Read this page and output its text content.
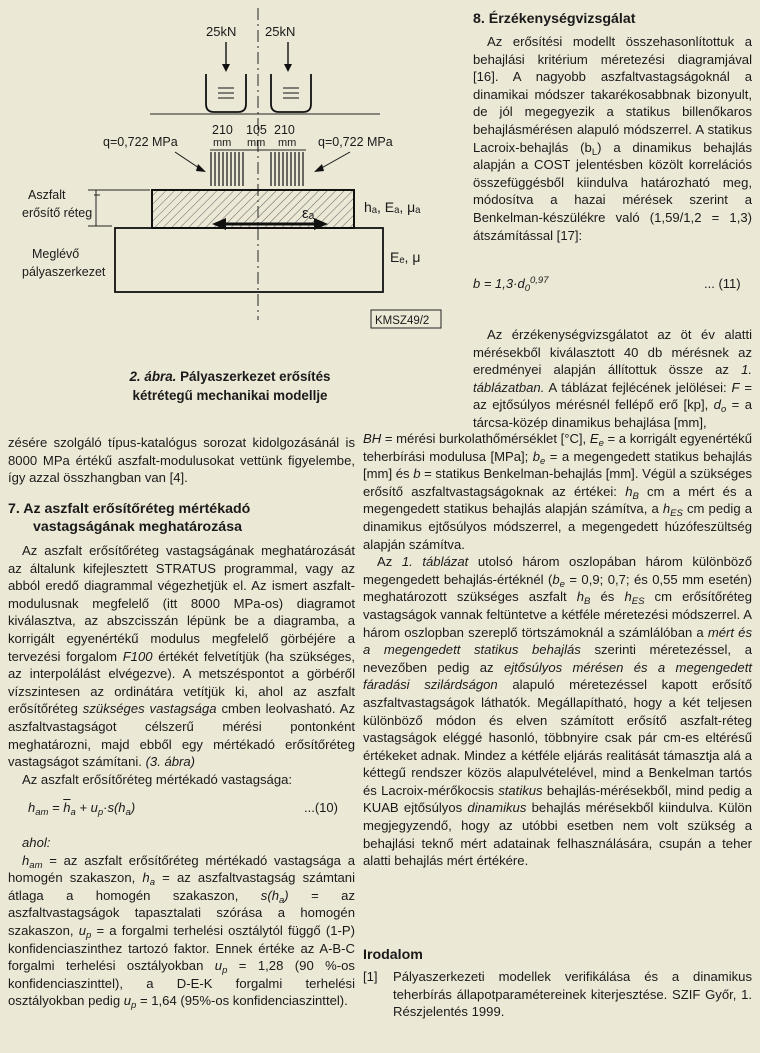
25kN 25kN
210 105 210
mm mm mm
q=0,722 MPa	q=0,722 MPa
εₐ
Aszfalt
erősítő réteg
Meglévő
pályaszerkezet
hₐ, Eₐ, μₐ
Eₑ, μ
KMSZ49/2
2. ábra. Pályaszerkezet erősítés
kétrétegű mechanikai modellje

zésére szolgáló típus-katalógus sorozat kidolgozásánál is 8000 MPa értékű aszfalt-modulusokat vettünk figyelembe, így azzal összhangban van [4].

7. Az aszfalt erősítőréteg mértékadó
vastagságának meghatározása

Az aszfalt erősítőréteg vastagságának meghatározását az általunk kifejlesztett STRATUS programmal, vagy az abból eredő diagrammal végezhetjük el. Az ismert aszfalt-modulusnak megfelelő (itt 8000 MPa-os) diagramot kiválasztva, az abszcisszán lépünk be a diagramba, a korrigált egyenértékű modulus megfelelő görbéjére a tervezési forgalom F100 értékét felvetítjük (ha szükséges, az interpolálást elvégezve). A metszéspontot a görbéről vízszintesen az ordinátára vetítjük ki, ahol az aszfalt erősítőréteg szükséges vastagsága cmben leolvasható. Az aszfaltvastagságot célszerű mérési pontonként meghatározni, majd ebből egy mértékadó erősítőréteg vastagságot számítani. (3. ábra)

Az aszfalt erősítőréteg mértékadó vastagsága:

$h_{am} = \overline{h}_a + u_p\cdot s(h_a)$	...(10)

ahol:

$h_{am}$ = az aszfalt erősítőréteg mértékadó vastagsága a homogén szakaszon, $h_a$ = az aszfaltvastagság számtani átlaga a homogén szakaszon, $s(h_a)$ = az aszfaltvastagságok tapasztalati szórása a homogén szakaszon, $u_p = a$ forgalmi terhelési osztálytól függő (1-P) konfidenciaszinthez tartozó faktor. Ennek értéke az A-B-C forgalmi terhelési osztályokban $u_p = 1,28$ (90 %-os konfidenciaszinttel), a D-E-K forgalmi terhelési osztályokban pedig $u_p = 1,64$ (95%-os konfidenciaszinttel).

8. Érzékenységvizsgálat

Az erősítési modellt összehasonlítottuk a behajlási kritérium méretezési diagramjával [16]. A nagyobb aszfaltvastagságoknál a dinamikai módszer takarékosabbnak bizonyult, de jól megegyezik a statikus billenőkaros behajlásmérésen alapuló módszerrel. A statikus Lacroix-behajlás $(b_L)$ a dinamikus behajlás alapján a COST jelentésben közölt korrelációs összefüggésből kiindulva határozható meg, módosítva a hazai mérések szerint a Benkelman-készülékre való (1,59/1,2 = 1,3) átszámítással [17]:

$b = 1,3\cdot d_0^{0,97}$	... (11)

Az érzékenységvizsgálatot az öt év alatti mérésekből kiválasztott 40 db mérésnek az eredményei alapján állítottuk össze az 1. táblázatban. A táblázat fejlécének jelölései: F = az ejtősúlyos mérésnél fellépő erő [kp], $d_o = a$ tárcsa-közép dinamikus behajlása [mm],

BH = mérési burkolathőmérséklet [°C], $E_e = a$ korrigált egyenértékű teherbírási modulusa [MPa]; $b_e = a$ megengedett statikus behajlás [mm] és b = statikus Benkelman-behajlás [mm]. Végül a szükséges erősítő aszfaltvastagságoknak az értékei: $h_B$ cm a mért és a megengedett statikus behajlás alapján számítva, a $h_{ES}$ cm pedig a dinamikus ejtősúlyos módszerrel, a megengedett húzófeszültség alapján számítva.

Az 1. táblázat utolsó három oszlopában három különböző megengedett behajlás-értéknél ($b_e = 0,9$; 0,7; és 0,55 mm esetén) meghatározott szükséges aszfalt $h_B$ és $h_{ES}$ cm erősítőréteg vastagságok vannak feltüntetve a kétféle méretezési módszerrel. A három oszlopban szereplő törtszámoknál a számlálóban a mért és a megengedett statikus behajlás szerinti méretezéssel, a nevezőben pedig az ejtősúlyos mérésen és a megengedett fáradási szilárdságon alapuló méretezéssel kapott erősítő aszfaltvastagságok láthatók. Megállapítható, hogy a két teljesen különböző módon és elven számított erősítő aszfalt-réteg vastagságok eléggé hasonló, többnyire csak pár cm-es eltérésű értékeket adnak. Mindez a kétféle eljárás realitását támasztja alá a kéttegű rendszer közös alapulvételével, mind a Benkelman tartós és Lacroix-mérőkocsis statikus behajlás-mérésekből, mind pedig a KUAB ejtősúlyos dinamikus behajlás mérésekből kiindulva. Külön megjegyzendő, hogy az utóbbi esetben nem volt szükség a behajlási teknő mért adatainak felhasználására, csupán a teher alatti behajlás mért értékére.

Irodalom
[1] Pályaszerkezeti modellek verifikálása és a dinamikus teherbírás állapotparamétereinek kiterjesztése. SZIF Győr, 1. Részjelentés 1999.
